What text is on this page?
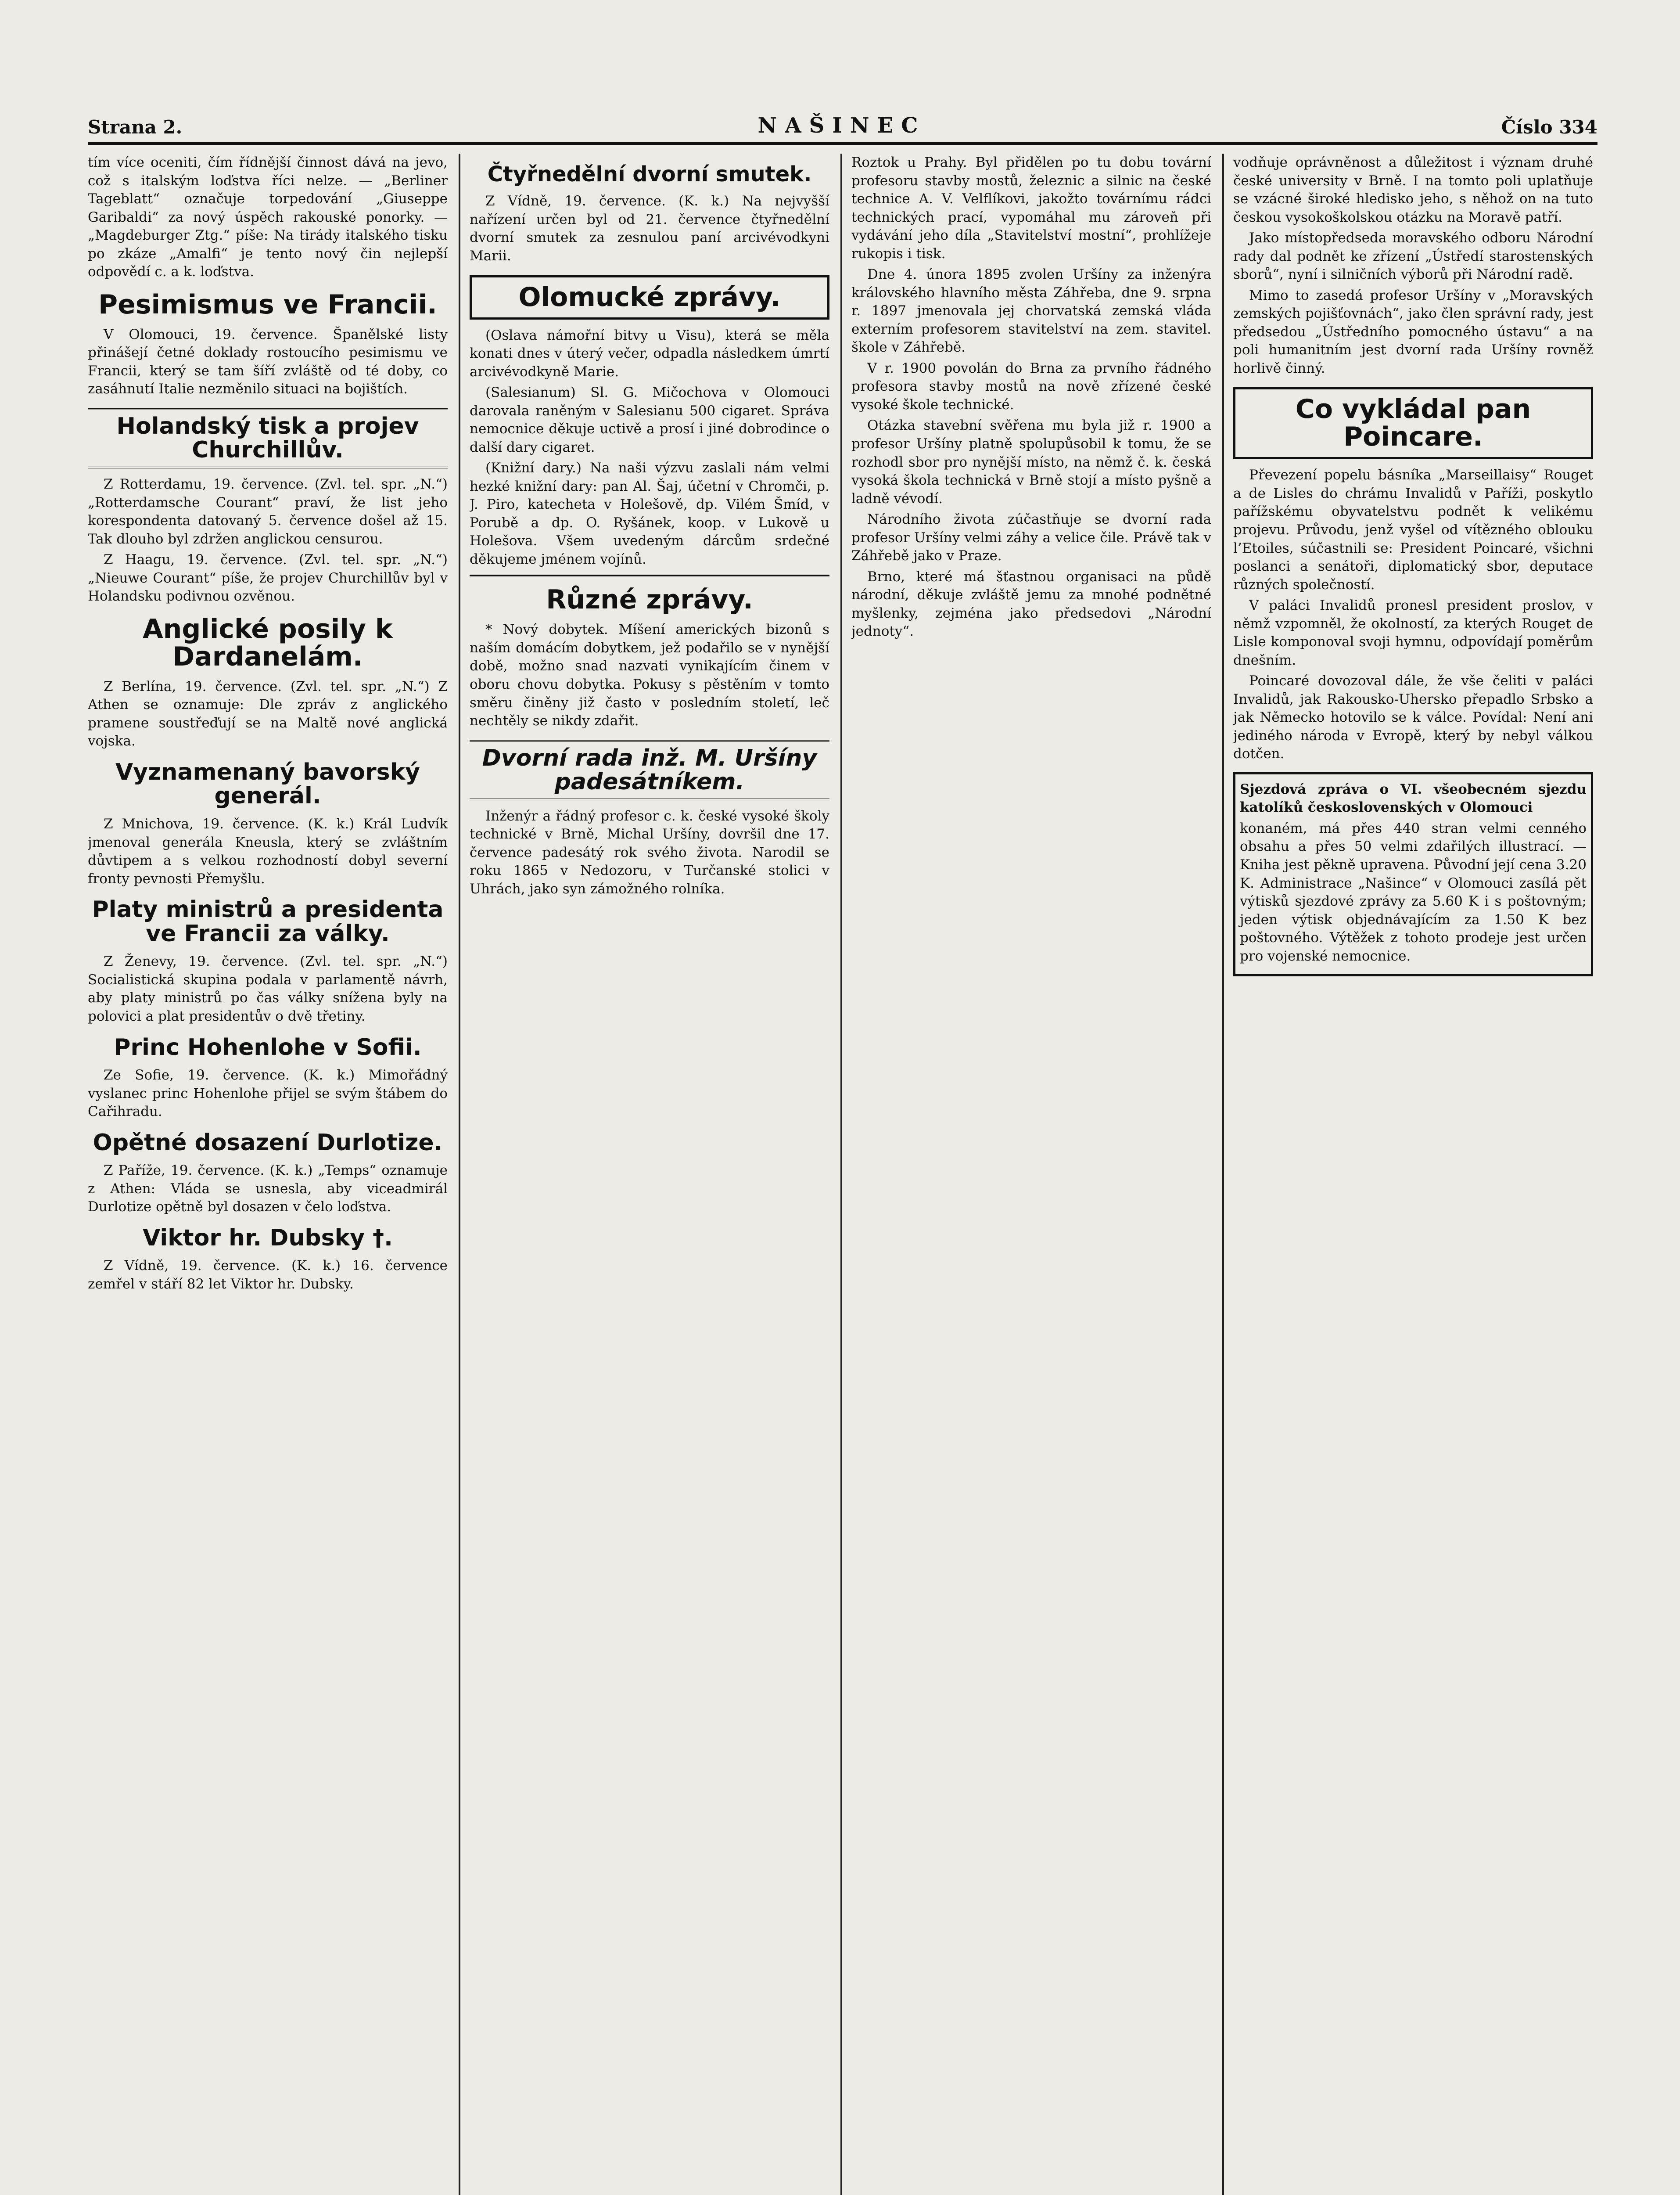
Strana 2.	NAŠINEC	Číslo 334

tím více oceniti, čím řídnější činnost dává na jevo, což s italským loďstva říci nelze. — „Berliner Tageblatt“ označuje torpedování „Giuseppe Garibaldi“ za nový úspěch rakouské ponorky. — „Magdeburger Ztg.“ píše: Na tirády italského tisku po zkáze „Amalfi“ je tento nový čin nejlepší odpovědí c. a k. loďstva.

Pesimismus ve Francii.

V Olomouci, 19. července. Španělské listy přinášejí četné doklady rostoucího pesimismu ve Francii, který se tam šíří zvláště od té doby, co zasáhnutí Italie nezměnilo situaci na bojištích.

Holandský tisk a projev Churchillův.

Z Rotterdamu, 19. července. (Zvl. tel. spr. „N.“) „Rotterdamsche Courant“ praví, že list jeho korespondenta datovaný 5. července došel až 15. Tak dlouho byl zdržen anglickou censurou.

Z Haagu, 19. července. (Zvl. tel. spr. „N.“) „Nieuwe Courant“ píše, že projev Churchillův byl v Holandsku podivnou ozvěnou.

Anglické posily k Dardanelám.

Z Berlína, 19. července. (Zvl. tel. spr. „N.“) Z Athen se oznamuje: Dle zpráv z anglického pramene soustřeďují se na Maltě nové anglická vojska.

Vyznamenaný bavorský generál.

Z Mnichova, 19. července. (K. k.) Král Ludvík jmenoval generála Kneusla, který se zvláštním důvtipem a s velkou rozhodností dobyl severní fronty pevnosti Přemyšlu.

Platy ministrů a presidenta ve Francii za války.

Z Ženevy, 19. července. (Zvl. tel. spr. „N.“) Socialistická skupina podala v parlamentě návrh, aby platy ministrů po čas války snížena byly na polovici a plat presidentův o dvě třetiny.

Princ Hohenlohe v Sofii.

Ze Sofie, 19. července. (K. k.) Mimořádný vyslanec princ Hohenlohe přijel se svým štábem do Cařihradu.

Opětné dosazení Durlotize.

Z Paříže, 19. července. (K. k.) „Temps“ oznamuje z Athen: Vláda se usnesla, aby viceadmirál Durlotize opětně byl dosazen v čelo loďstva.

Viktor hr. Dubsky †.

Z Vídně, 19. července. (K. k.) 16. července zemřel v stáří 82 let Viktor hr. Dubsky.

Čtyřnedělní dvorní smutek.

Z Vídně, 19. července. (K. k.) Na nejvyšší nařízení určen byl od 21. července čtyřnedělní dvorní smutek za zesnulou paní arcivévodkyni Marii.

Olomucké zprávy.

(Oslava námořní bitvy u Visu), která se měla konati dnes v úterý večer, odpadla následkem úmrtí arcivévodkyně Marie.

(Salesianum) Sl. G. Mičochova v Olomouci darovala raněným v Salesianu 500 cigaret. Správa nemocnice děkuje uctivě a prosí i jiné dobrodince o další dary cigaret.

(Knižní dary.) Na naši výzvu zaslali nám velmi hezké knižní dary: pan Al. Šaj, účetní v Chromči, p. J. Piro, katecheta v Holešově, dp. Vilém Šmíd, v Porubě a dp. O. Ryšánek, koop. v Lukově u Holešova. Všem uvedeným dárcům srdečné děkujeme jménem vojínů.

Různé zprávy.

* Nový dobytek. Míšení amerických bizonů s naším domácím dobytkem, jež podařilo se v nynější době, možno snad nazvati vynikajícím činem v oboru chovu dobytka. Pokusy s pěstěním v tomto směru činěny již často v posledním století, leč nechtěly se nikdy zdařit.

Dvorní rada inž. M. Uršíny padesátníkem.

Inženýr a řádný profesor c. k. české vysoké školy technické v Brně, Michal Uršíny, dovršil dne 17. července padesátý rok svého života. Narodil se roku 1865 v Nedozoru, v Turčanské stolici v Uhrách, jako syn zámožného rolníka.

Roztok u Prahy. Byl přidělen po tu dobu tovární profesoru stavby mostů, železnic a silnic na české technice A. V. Velflíkovi, jakožto továrnímu rádci technických prací, vypomáhal mu zároveň při vydávání jeho díla „Stavitelství mostní“, prohlížeje rukopis i tisk.

Dne 4. února 1895 zvolen Uršíny za inženýra královského hlavního města Záhřeba, dne 9. srpna r. 1897 jmenovala jej chorvatská zemská vláda externím profesorem stavitelství na zem. stavitel. škole v Záhřebě.

V r. 1900 povolán do Brna za prvního řádného profesora stavby mostů na nově zřízené české vysoké škole technické.

Otázka stavební svěřena mu byla již r. 1900 a profesor Uršíny platně spolupůsobil k tomu, že se rozhodl sbor pro nynější místo, na němž č. k. česká vysoká škola technická v Brně stojí a místo pyšně a ladně vévodí.

Národního života zúčastňuje se dvorní rada profesor Uršíny velmi záhy a velice čile. Právě tak v Záhřebě jako v Praze.

Brno, které má šťastnou organisaci na půdě národní, děkuje zvláště jemu za mnohé podnětné myšlenky, zejména jako předsedovi „Národní jednoty“.

vodňuje oprávněnost a důležitost i význam druhé české university v Brně. I na tomto poli uplatňuje se vzácné široké hledisko jeho, s něhož on na tuto českou vysokoškolskou otázku na Moravě patří.

Jako místopředseda moravského odboru Národní rady dal podnět ke zřízení „Ústředí starostenských sborů“, nyní i silničních výborů při Národní radě.

Mimo to zasedá profesor Uršíny v „Moravských zemských pojišťovnách“, jako člen správní rady, jest předsedou „Ústředního pomocného ústavu“ a na poli humanitním jest dvorní rada Uršíny rovněž horlivě činný.

Co vykládal pan Poincare.

Převezení popelu básníka „Marseillaisy“ Rouget a de Lisles do chrámu Invalidů v Paříži, poskytlo pařížskému obyvatelstvu podnět k velikému projevu. Průvodu, jenž vyšel od vítězného oblouku l’Etoiles, súčastnili se: President Poincaré, všichni poslanci a senátoři, diplomatický sbor, deputace různých společností.

V paláci Invalidů pronesl president proslov, v němž vzpomněl, že okolností, za kterých Rouget de Lisle komponoval svoji hymnu, odpovídají poměrům dnešním.

Poincaré dovozoval dále, že vše čeliti v paláci Invalidů, jak Rakousko-Uhersko přepadlo Srbsko a jak Německo hotovilo se k válce. Povídal: Není ani jediného národa v Evropě, který by nebyl válkou dotčen.

Sjezdová zpráva o VI. všeobecném sjezdu katolíků československých v Olomouci

konaném, má přes 440 stran velmi cenného obsahu a přes 50 velmi zdařilých illustrací. — Kniha jest pěkně upravena. Původní její cena 3.20 K. Administrace „Našince“ v Olomouci zasílá pět výtisků sjezdové zprávy za 5.60 K i s poštovným; jeden výtisk objednávajícím za 1.50 K bez poštovného. Výtěžek z tohoto prodeje jest určen pro vojenské nemocnice.
